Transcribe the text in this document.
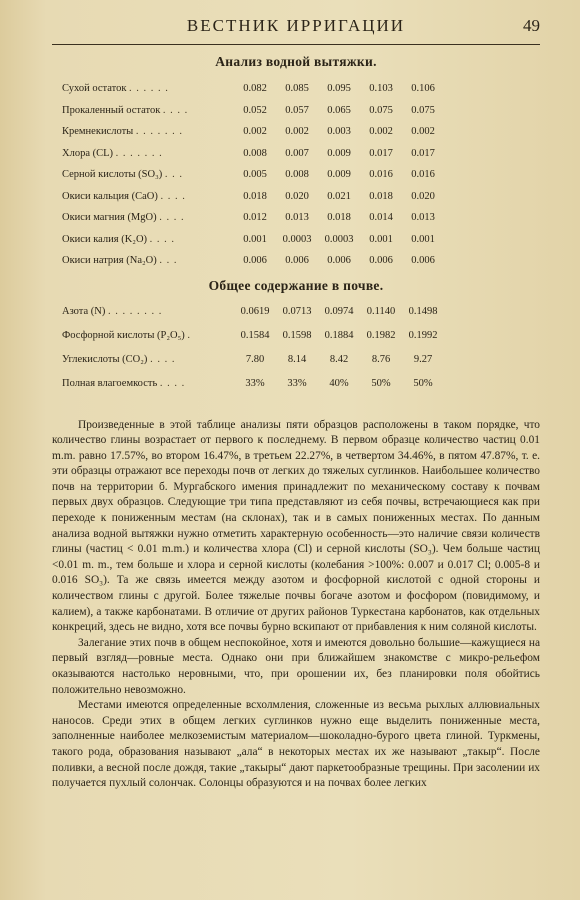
ВЕСТНИК ИРРИГАЦИИ	49
Анализ водной вытяжки.
Сухой остаток . . . . . .	0.082	0.085	0.095	0.103	0.106
Прокаленный остаток . . . .	0.052	0.057	0.065	0.075	0.075
Кремнекислоты . . . . . . .	0.002	0.002	0.003	0.002	0.002
Хлора (CL) . . . . . . .	0.008	0.007	0.009	0.017	0.017
Серной кислоты (SO₃) . . .	0.005	0.008	0.009	0.016	0.016
Окиси кальция (CaO) . . . .	0.018	0.020	0.021	0.018	0.020
Окиси магния (MgO) . . . .	0.012	0.013	0.018	0.014	0.013
Окиси калия (K₂O) . . . .	0.001	0.0003	0.0003	0.001	0.001
Окиси натрия (Na₂O) . . .	0.006	0.006	0.006	0.006	0.006
Общее содержание в почве.
Азота (N) . . . . . . . .	0.0619	0.0713	0.0974	0.1140	0.1498
Фосфорной кислоты (P₂O₅) .	0.1584	0.1598	0.1884	0.1982	0.1992
Углекислоты (CO₂) . . . .	7.80	8.14	8.42	8.76	9.27
Полная влагоемкость . . . .	33%	33%	40%	50%	50%

Произведенные в этой таблице анализы пяти образцов расположены в таком порядке, что количество глины возрастает от первого к последнему. В первом образце количество частиц 0.01 m.m. равно 17.57%, во втором 16.47%, в третьем 22.27%, в четвертом 34.46%, в пятом 47.87%, т. е. эти образцы отражают все переходы почв от легких до тяжелых суглинков. Наибольшее количество почв на территории б. Мургабского имения принадлежит по механическому составу к почвам первых двух образцов. Следующие три типа представляют из себя почвы, встречающиеся как при переходе к пониженным местам (на склонах), так и в самых пониженных местах. По данным анализа водной вытяжки нужно отметить характерную особенность—это наличие связи количеств глины (частиц < 0.01 m.m.) и количества хлора (Cl) и серной кислоты (SO₃). Чем больше частиц <0.01 m. m., тем больше и хлора и серной кислоты (колебания >100%: 0.007 и 0.017 Cl; 0.005-8 и 0.016 SO₃). Та же связь имеется между азотом и фосфорной кислотой с одной стороны и количеством глины с другой. Более тяжелые почвы богаче азотом и фосфором (повидимому, и калием), а также карбонатами. В отличие от других районов Туркестана карбонатов, как отдельных конкреций, здесь не видно, хотя все почвы бурно вскипают от прибавления к ним соляной кислоты.

Залегание этих почв в общем неспокойное, хотя и имеются довольно большие—кажущиеся на первый взгляд—ровные места. Однако они при ближайшем знакомстве с микро-рельефом оказываются настолько неровными, что, при орошении их, без планировки поля обойтись положительно невозможно.

Местами имеются определенные всхолмления, сложенные из весьма рыхлых аллювиальных наносов. Среди этих в общем легких суглинков нужно еще выделить пониженные места, заполненные наиболее мелкоземистым материалом—шоколадно-бурого цвета глиной. Туркмены, такого рода, образования называют „ала“ в некоторых местах их же называют „такыр“. После поливки, а весной после дождя, такие „такыры“ дают паркетообразные трещины. При засолении их получается пухлый солончак. Солонцы образуются и на почвах более легких
